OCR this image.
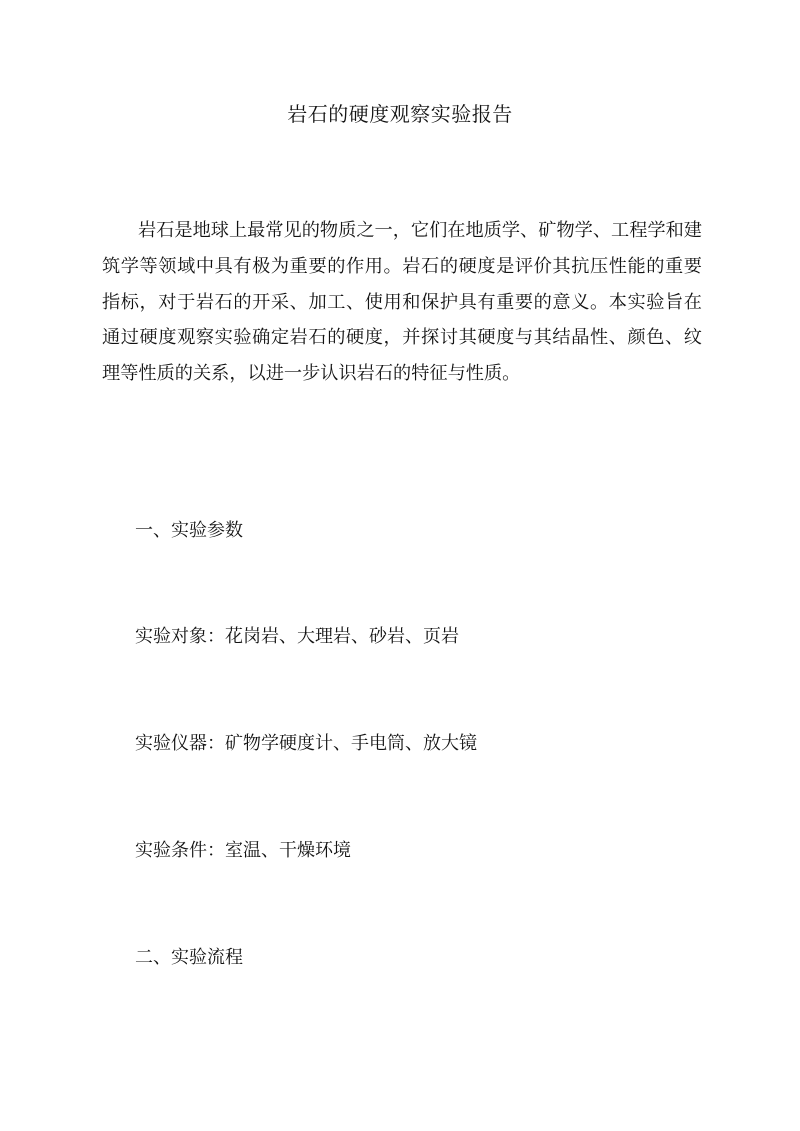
岩石的硬度观察实验报告

岩石是地球上最常见的物质之一，它们在地质学、矿物学、工程学和建筑学等领域中具有极为重要的作用。岩石的硬度是评价其抗压性能的重要指标，对于岩石的开采、加工、使用和保护具有重要的意义。本实验旨在通过硬度观察实验确定岩石的硬度，并探讨其硬度与其结晶性、颜色、纹理等性质的关系，以进一步认识岩石的特征与性质。

一、实验参数

实验对象：花岗岩、大理岩、砂岩、页岩

实验仪器：矿物学硬度计、手电筒、放大镜

实验条件：室温、干燥环境

二、实验流程
